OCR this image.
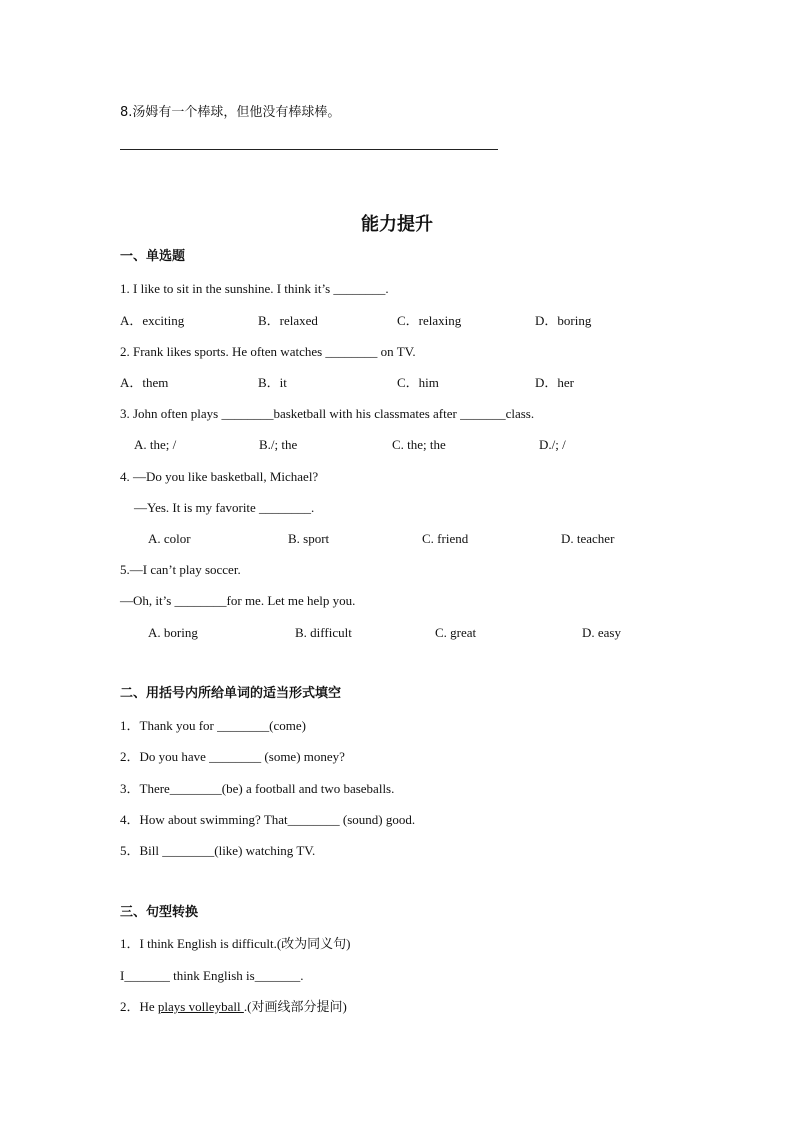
8.汤姆有一个棒球，但他没有棒球棒。
能力提升
一、单选题
1. I like to sit in the sunshine. I think it’s ________.
A．exciting	B．relaxed	C．relaxing	D．boring
2. Frank likes sports. He often watches ________ on TV.
A．them	B．it	C．him	D．her
3. John often plays ________basketball with his classmates after _______class.
A. the; /	B./; the	C. the; the	D./; /
4. —Do you like basketball, Michael?
—Yes. It is my favorite ________.
A. color	B. sport	C. friend	D. teacher
5.—I can’t play soccer.
—Oh, it’s ________for me. Let me help you.
A. boring	B. difficult	C. great	D. easy
二、用括号内所给单词的适当形式填空
1．Thank you for ________(come)
2．Do you have ________ (some) money?
3．There________(be) a football and two baseballs.
4．How about swimming? That________ (sound) good.
5．Bill ________(like) watching TV.
三、句型转换
1．I think English is difficult.(改为同义句)
I_______ think English is_______.
2．He plays volleyball .(对画线部分提问)
